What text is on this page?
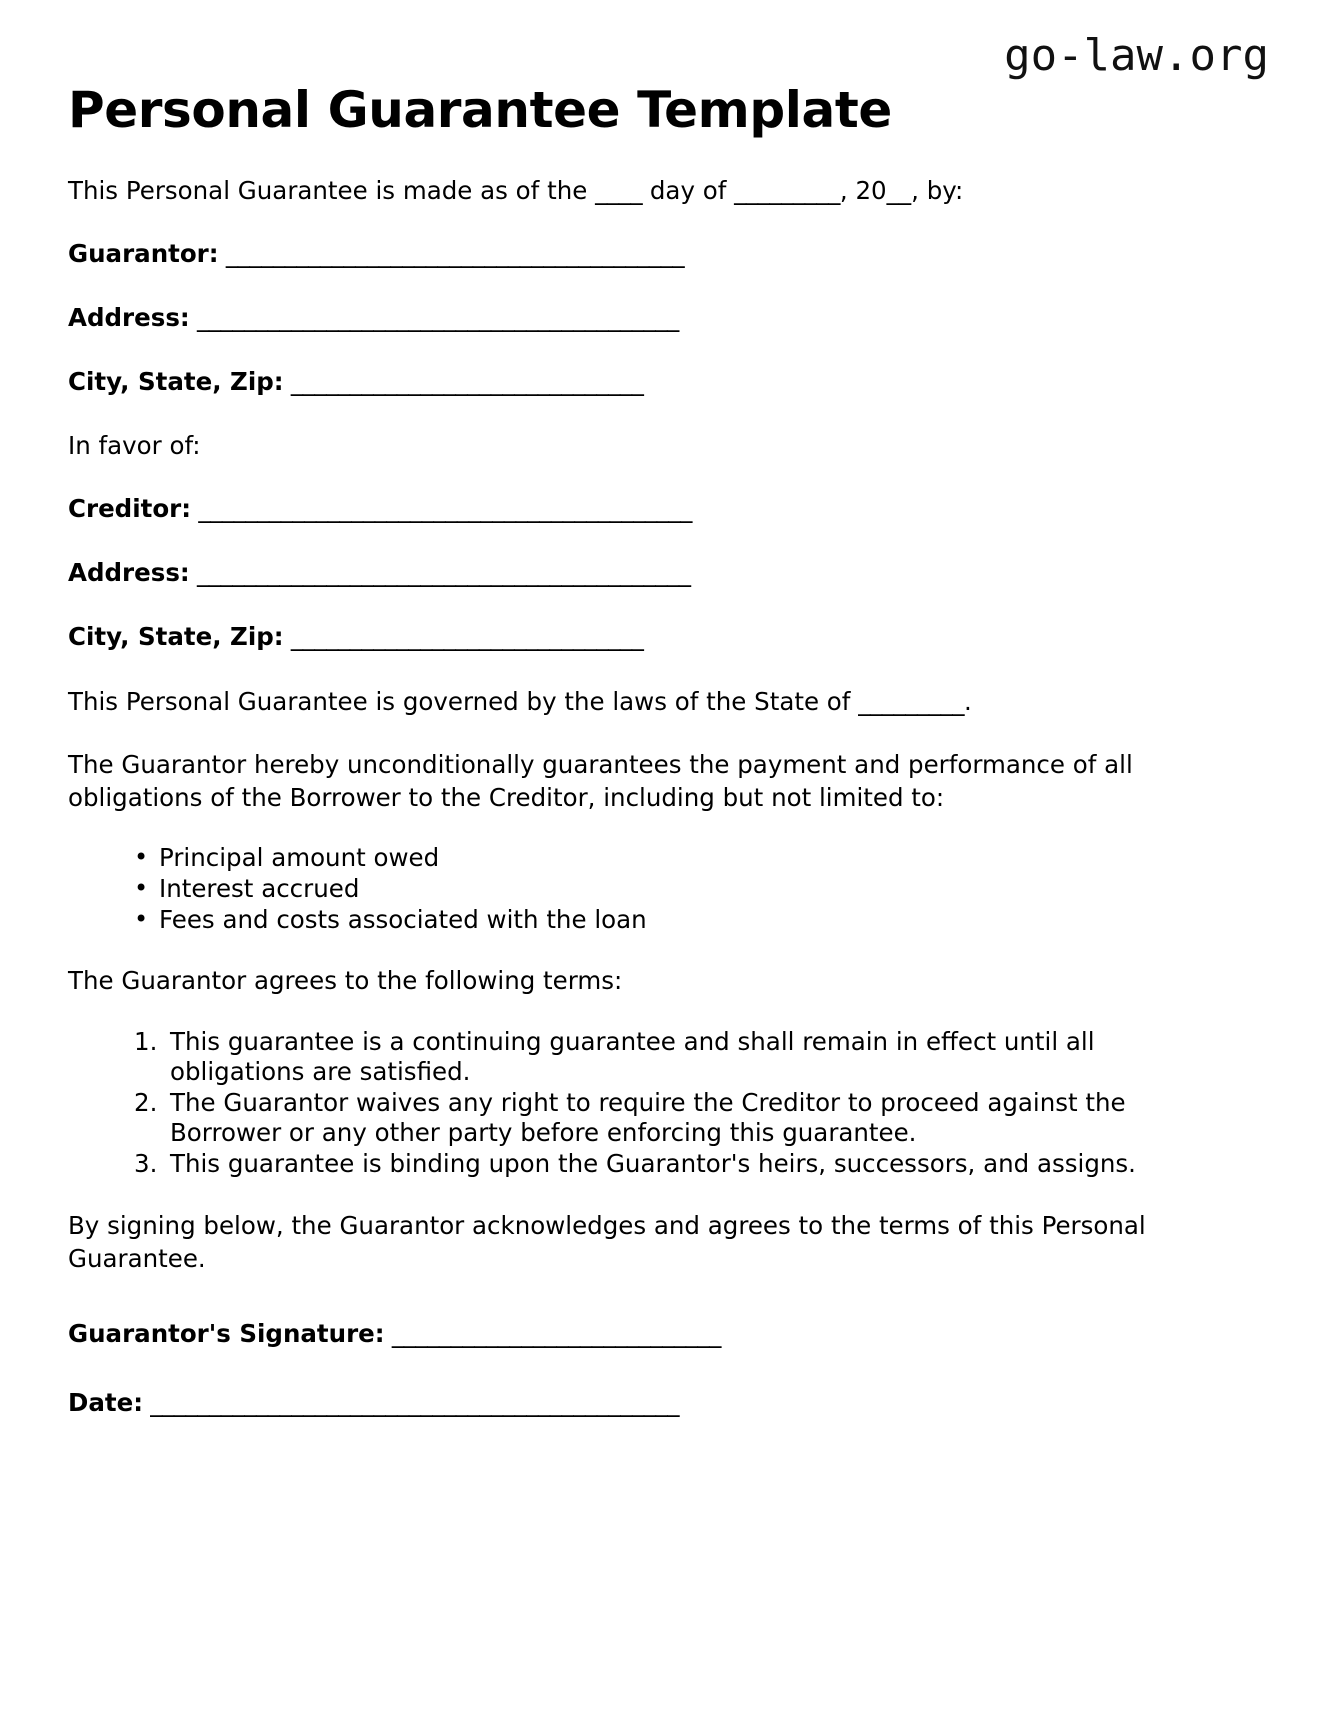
go-law.org
Personal Guarantee Template

This Personal Guarantee is made as of the ____ day of _________, 20__, by:

Guarantor: _______________________________________
Address: _________________________________________
City, State, Zip: ______________________________

In favor of:

Creditor: __________________________________________
Address: __________________________________________
City, State, Zip: ______________________________

This Personal Guarantee is governed by the laws of the State of _________.

The Guarantor hereby unconditionally guarantees the payment and performance of all obligations of the Borrower to the Creditor, including but not limited to:

• Principal amount owed
• Interest accrued
• Fees and costs associated with the loan

The Guarantor agrees to the following terms:

This guarantee is a continuing guarantee and shall remain in effect until all obligations are satisfied.
The Guarantor waives any right to require the Creditor to proceed against the Borrower or any other party before enforcing this guarantee.
This guarantee is binding upon the Guarantor's heirs, successors, and assigns.

By signing below, the Guarantor acknowledges and agrees to the terms of this Personal Guarantee.

Guarantor's Signature: ____________________________
Date: _____________________________________________
